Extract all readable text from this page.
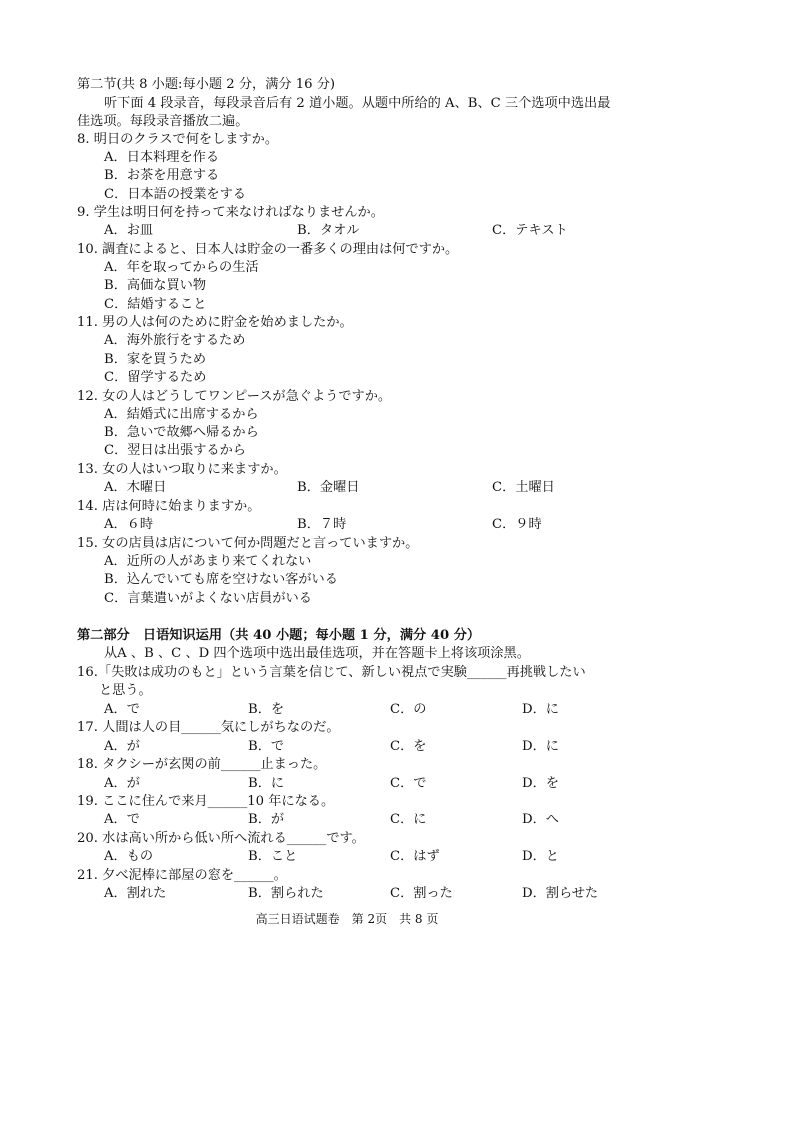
第二节(共 8 小题:每小题 2 分，满分 16 分)
听下面 4 段录音，每段录音后有 2 道小题。从题中所给的 A、B、C 三个选项中选出最
佳选项。每段录音播放二遍。
8. 明日のクラスで何をしますか。
A．日本料理を作る
B．お茶を用意する
C．日本語の授業をする
9. 学生は明日何を持って来なければなりませんか。
A．お皿	B．タオル	C．テキスト
10. 調査によると、日本人は貯金の一番多くの理由は何ですか。
A．年を取ってからの生活
B．高価な買い物
C．結婚すること
11. 男の人は何のために貯金を始めましたか。
A．海外旅行をするため
B．家を買うため
C．留学するため
12. 女の人はどうしてワンピースが急ぐようですか。
A．結婚式に出席するから
B．急いで故郷へ帰るから
C．翌日は出張するから
13. 女の人はいつ取りに来ますか。
A．木曜日	B．金曜日	C．土曜日
14. 店は何時に始まりますか。
A．６時	B．７時	C．９時
15. 女の店員は店について何か問題だと言っていますか。
A．近所の人があまり来てくれない
B．込んでいても席を空けない客がいる
C．言葉遣いがよくない店員がいる
第二部分　日语知识运用（共 40 小题；每小题 1 分，满分 40 分）
从A 、B 、C 、D 四个选项中选出最佳选项，并在答题卡上将该项涂黑。
16.「失敗は成功のもと」という言葉を信じて、新しい視点で実験______再挑戦したい
と思う。
A．で	B．を	C．の	D．に
17. 人間は人の目______気にしがちなのだ。
A．が	B．で	C．を	D．に
18. タクシーが玄関の前______止まった。
A．が	B．に	C．で	D．を
19. ここに住んで来月______10 年になる。
A．で	B．が	C．に	D．へ
20. 水は高い所から低い所へ流れる______です。
A．もの	B．こと	C．はず	D．と
21. 夕べ泥棒に部屋の窓を______。
A．割れた	B．割られた	C．割った	D．割らせた
高三日语试题卷　第 2页　共 8 页
